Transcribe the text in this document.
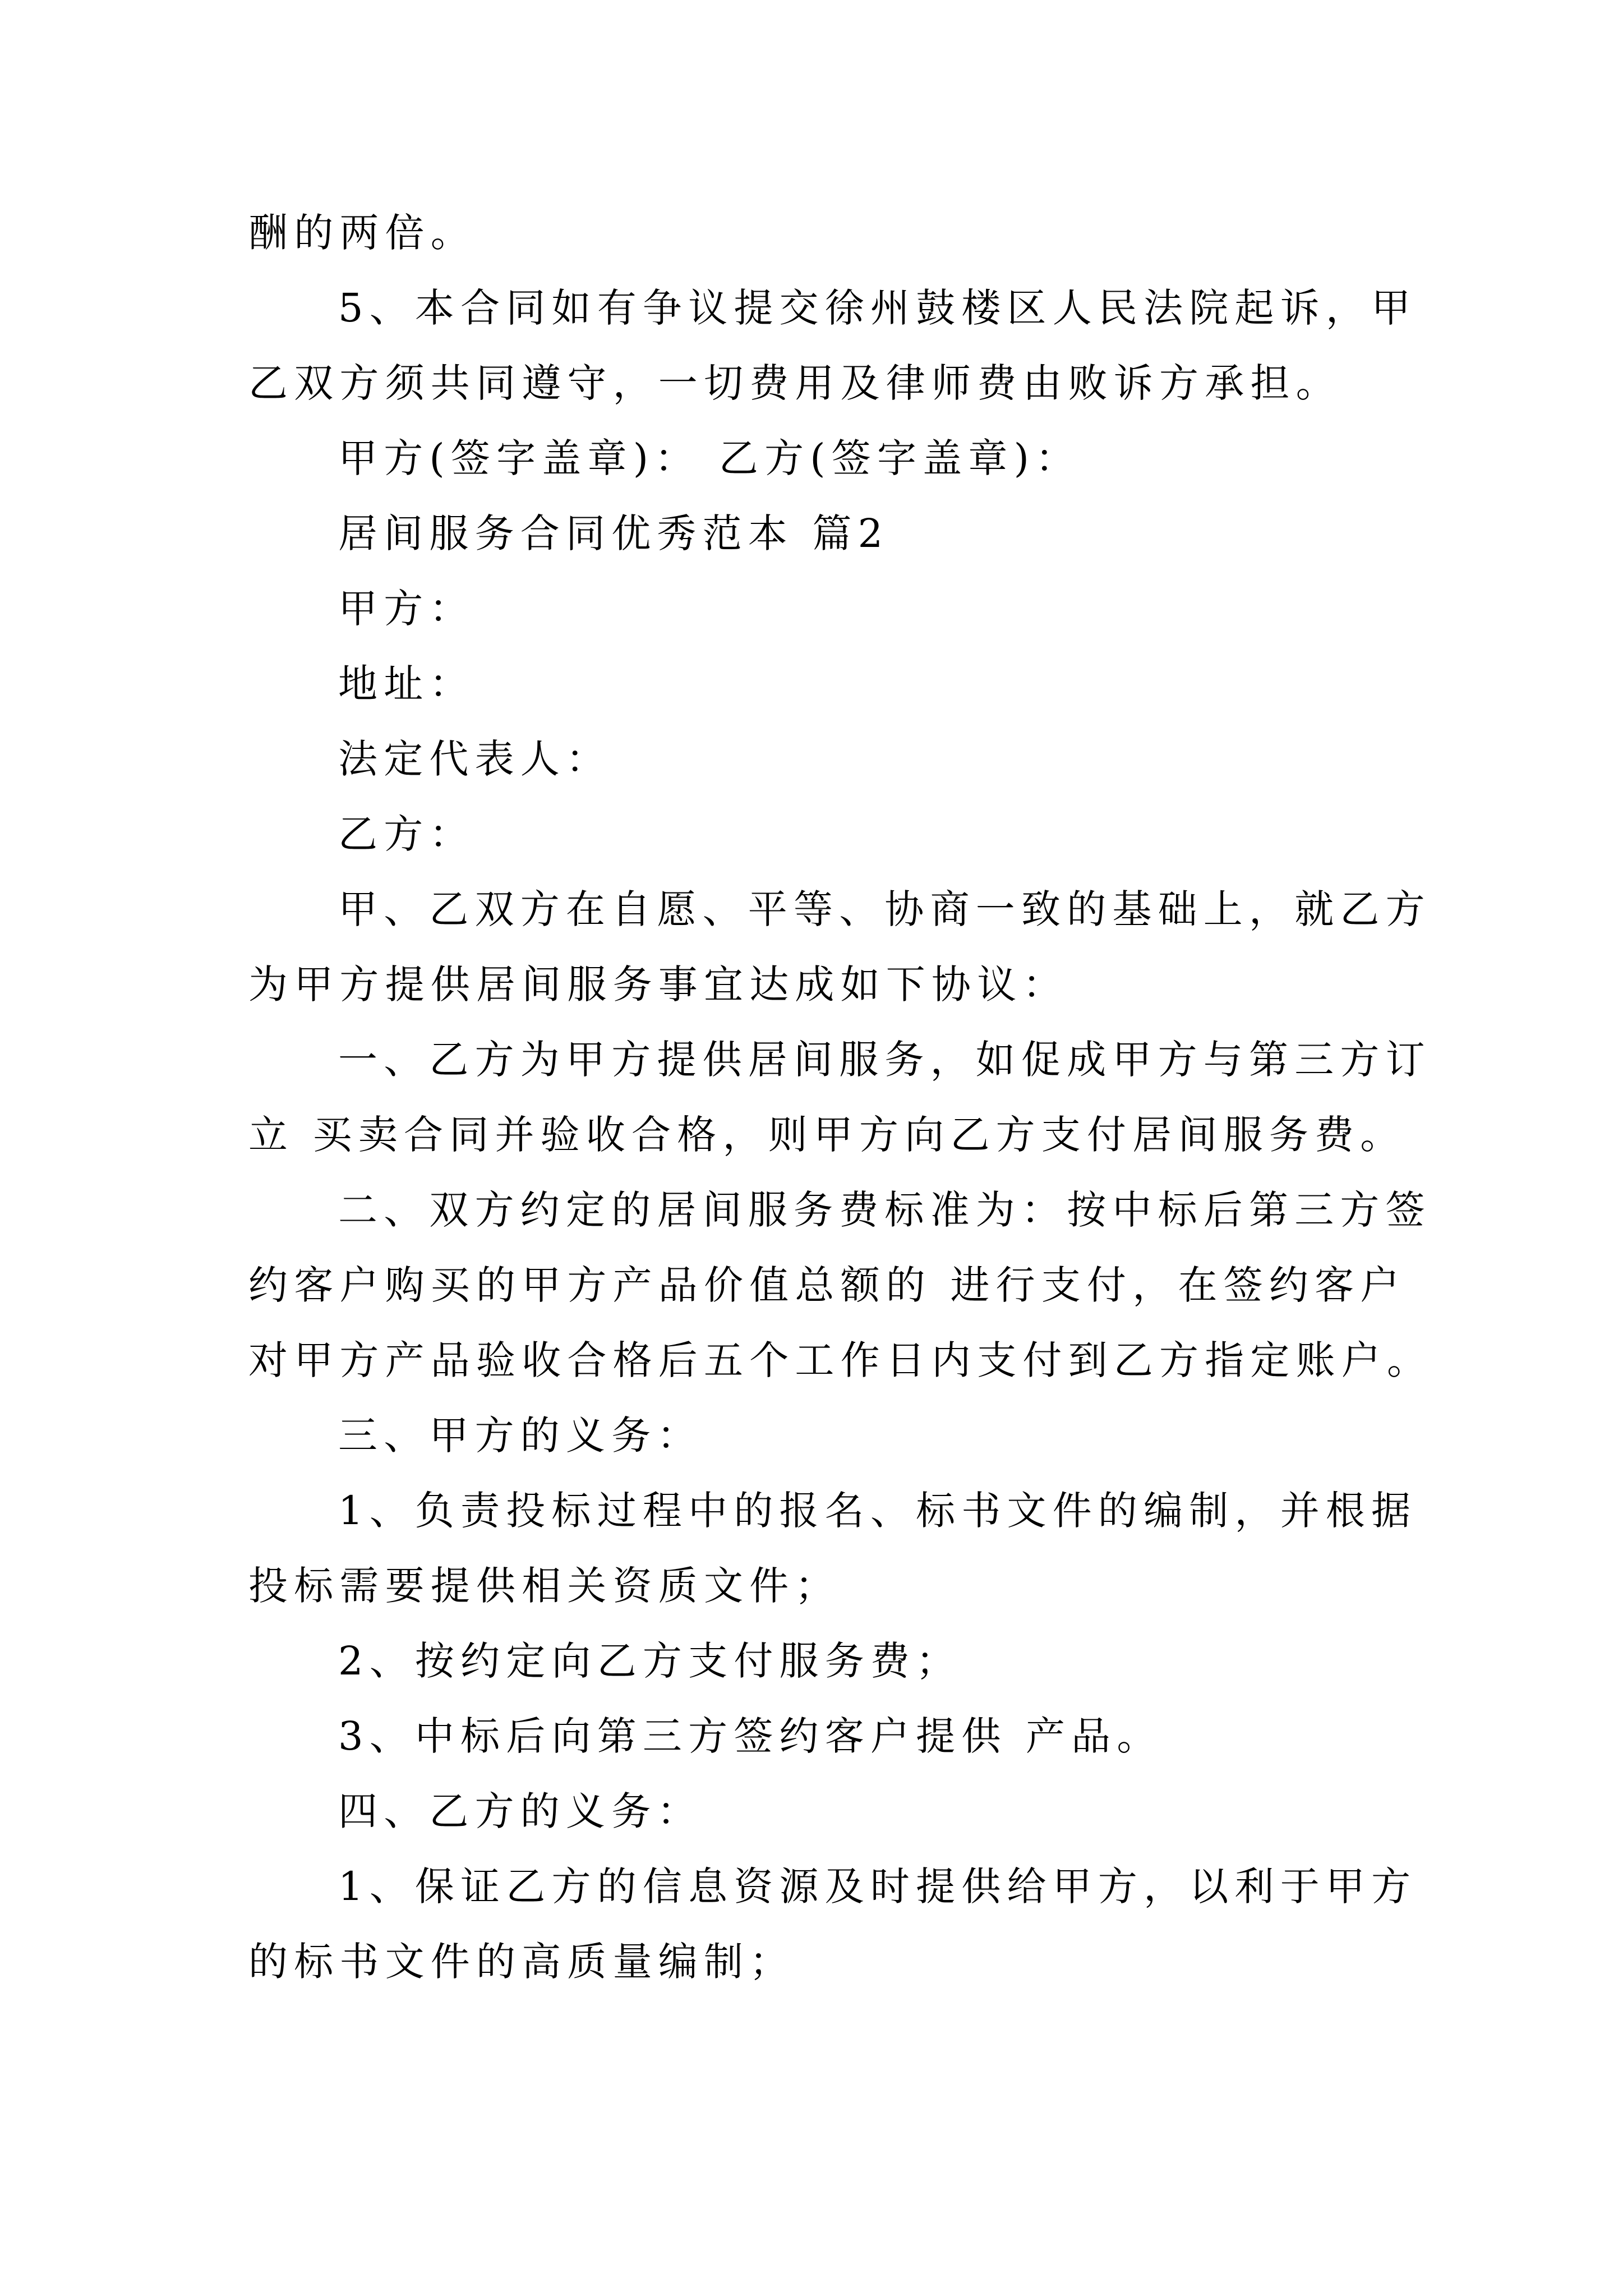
酬的两倍。
5、本合同如有争议提交徐州鼓楼区人民法院起诉，甲
乙双方须共同遵守，一切费用及律师费由败诉方承担。
甲方(签字盖章)： 乙方(签字盖章)：
居间服务合同优秀范本 篇2
甲方：
地址：
法定代表人：
乙方：
甲、乙双方在自愿、平等、协商一致的基础上，就乙方
为甲方提供居间服务事宜达成如下协议：
一、乙方为甲方提供居间服务，如促成甲方与第三方订
立 买卖合同并验收合格，则甲方向乙方支付居间服务费。
二、双方约定的居间服务费标准为：按中标后第三方签
约客户购买的甲方产品价值总额的 进行支付，在签约客户
对甲方产品验收合格后五个工作日内支付到乙方指定账户。
三、甲方的义务：
1、负责投标过程中的报名、标书文件的编制，并根据
投标需要提供相关资质文件；
2、按约定向乙方支付服务费；
3、中标后向第三方签约客户提供 产品。
四、乙方的义务：
1、保证乙方的信息资源及时提供给甲方，以利于甲方
的标书文件的高质量编制；
